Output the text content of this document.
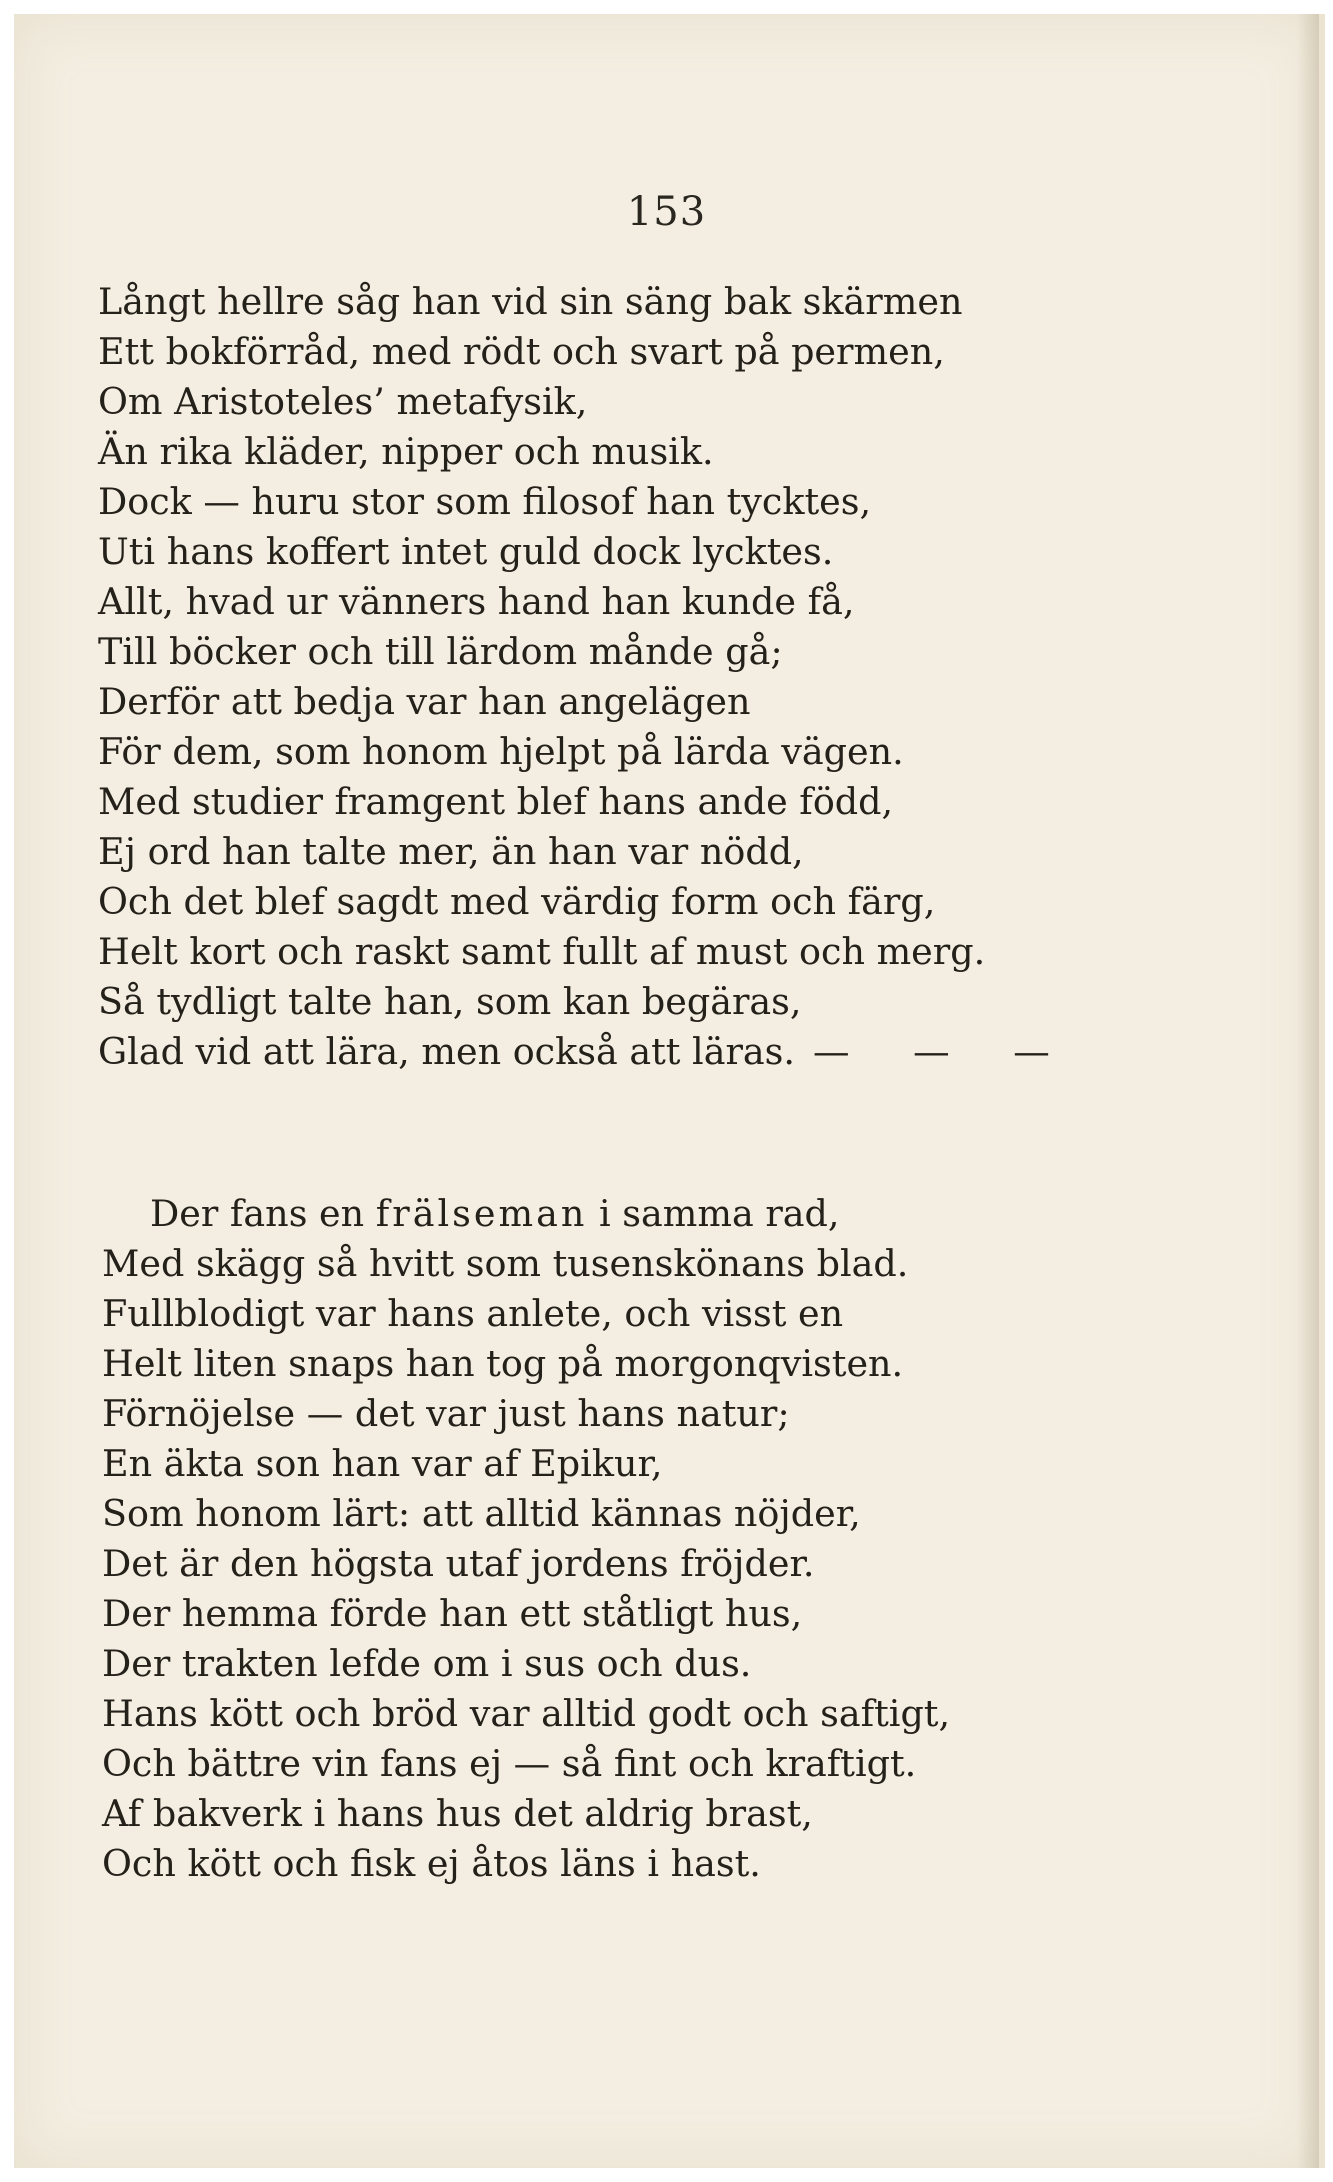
153
Långt hellre såg han vid sin säng bak skärmen
Ett bokförråd, med rödt och svart på permen,
Om Aristoteles’ metafysik,
Än rika kläder, nipper och musik.
Dock — huru stor som filosof han tycktes,
Uti hans koffert intet guld dock lycktes.
Allt, hvad ur vänners hand han kunde få,
Till böcker och till lärdom månde gå;
Derför att bedja var han angelägen
För dem, som honom hjelpt på lärda vägen.
Med studier framgent blef hans ande född,
Ej ord han talte mer, än han var nödd,
Och det blef sagdt med värdig form och färg,
Helt kort och raskt samt fullt af must och merg.
Så tydligt talte han, som kan begäras,
Glad vid att lära, men också att läras. — — —
Der fans en frälseman i samma rad,
Med skägg så hvitt som tusenskönans blad.
Fullblodigt var hans anlete, och visst en
Helt liten snaps han tog på morgonqvisten.
Förnöjelse — det var just hans natur;
En äkta son han var af Epikur,
Som honom lärt: att alltid kännas nöjder,
Det är den högsta utaf jordens fröjder.
Der hemma förde han ett ståtligt hus,
Der trakten lefde om i sus och dus.
Hans kött och bröd var alltid godt och saftigt,
Och bättre vin fans ej — så fint och kraftigt.
Af bakverk i hans hus det aldrig brast,
Och kött och fisk ej åtos läns i hast.
